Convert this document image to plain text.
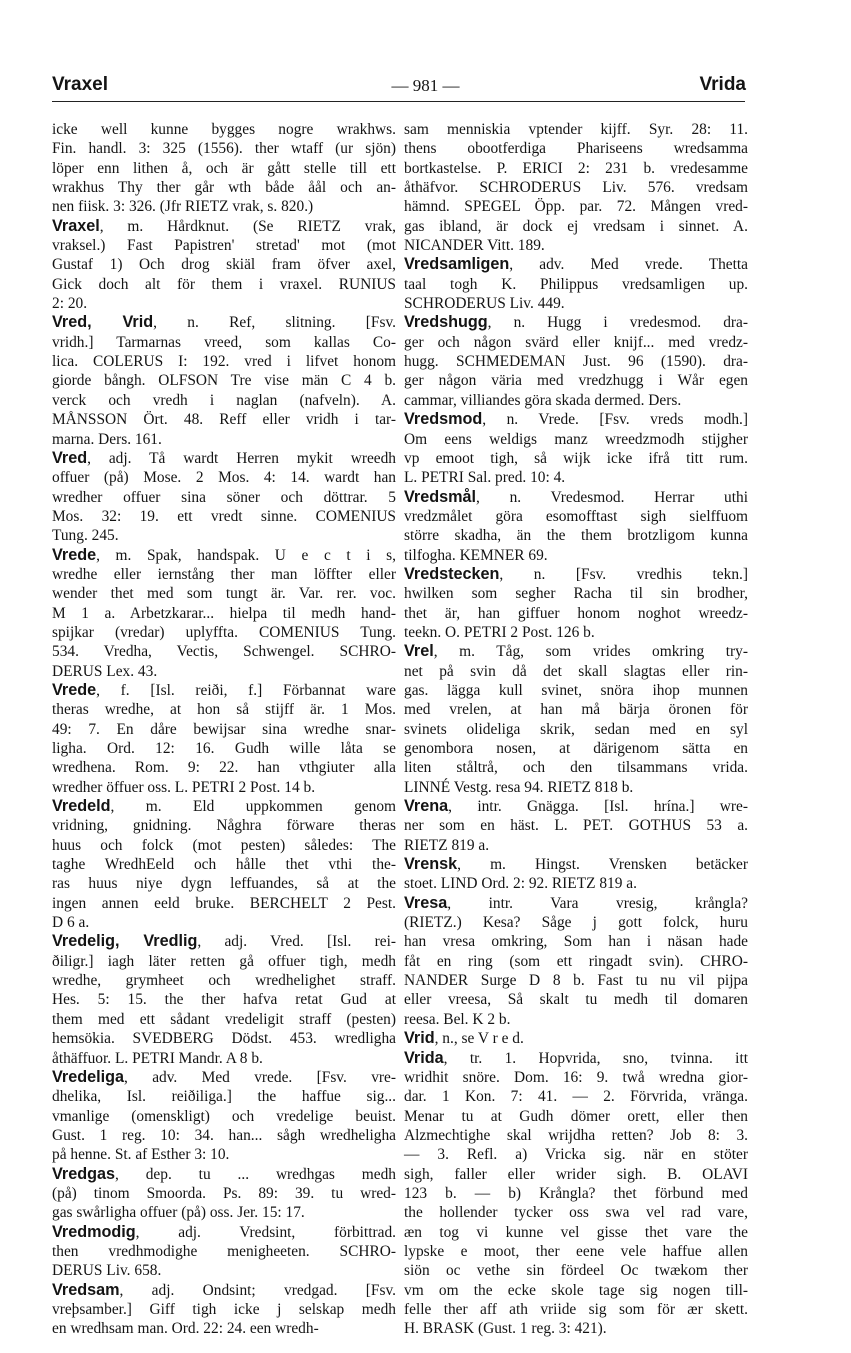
Vraxel	— 981 —	Vrida
icke well kunne bygges nogre wrakhws.
Fin. handl. 3: 325 (1556). ther wtaff (ur sjön)
löper enn lithen å, och är gått stelle till ett
wrakhus Thy ther går wth både åål och an-
nen fiisk. 3: 326. (Jfr RIETZ vrak, s. 820.)
Vraxel, m. Hårdknut. (Se RIETZ vrak,
vraksel.) Fast Papistren' stretad' mot (mot
Gustaf 1) Och drog skiäl fram öfver axel,
Gick doch alt för them i vraxel. RUNIUS
2: 20.
Vred, Vrid, n. Ref, slitning. [Fsv.
vridh.] Tarmarnas vreed, som kallas Co-
lica. COLERUS I: 192. vred i lifvet honom
giorde bångh. OLFSON Tre vise män C 4 b.
verck och vredh i naglan (nafveln). A.
MÅNSSON Ört. 48. Reff eller vridh i tar-
marna. Ders. 161.
Vred, adj. Tå wardt Herren mykit wreedh
offuer (på) Mose. 2 Mos. 4: 14. wardt han
wredher offuer sina söner och döttrar. 5
Mos. 32: 19. ett vredt sinne. COMENIUS
Tung. 245.
Vrede, m. Spak, handspak. U e c t i s,
wredhe eller iernstång ther man löffter eller
wender thet med som tungt är. Var. rer. voc.
M 1 a. Arbetzkarar... hielpa til medh hand-
spijkar (vredar) uplyffta. COMENIUS Tung.
534. Vredha, Vectis, Schwengel. SCHRO-
DERUS Lex. 43.
Vrede, f. [Isl. reiði, f.] Förbannat ware
theras wredhe, at hon så stijff är. 1 Mos.
49: 7. En dåre bewijsar sina wredhe snar-
ligha. Ord. 12: 16. Gudh wille låta se
wredhena. Rom. 9: 22. han vthgiuter alla
wredher öffuer oss. L. PETRI 2 Post. 14 b.
Vredeld, m. Eld uppkommen genom
vridning, gnidning. Någhra förware theras
huus och folck (mot pesten) således: The
taghe WredhEeld och hålle thet vthi the-
ras huus niye dygn leffuandes, så at the
ingen annen eeld bruke. BERCHELT 2 Pest.
D 6 a.
Vredelig, Vredlig, adj. Vred. [Isl. rei-
ðiligr.] iagh läter retten gå offuer tigh, medh
wredhe, grymheet och wredhelighet straff.
Hes. 5: 15. the ther hafva retat Gud at
them med ett sådant vredeligit straff (pesten)
hemsökia. SVEDBERG Dödst. 453. wredligha
åthäffuor. L. PETRI Mandr. A 8 b.
Vredeliga, adv. Med vrede. [Fsv. vre-
dhelika, Isl. reiðiliga.] the haffue sig...
vmanlige (omenskligt) och vredelige beuist.
Gust. 1 reg. 10: 34. han... sågh wredheligha
på henne. St. af Esther 3: 10.
Vredgas, dep. tu ... wredhgas medh
(på) tinom Smoorda. Ps. 89: 39. tu wred-
gas swårligha offuer (på) oss. Jer. 15: 17.
Vredmodig, adj. Vredsint, förbittrad.
then vredhmodighe menigheeten. SCHRO-
DERUS Liv. 658.
Vredsam, adj. Ondsint; vredgad. [Fsv.
vreþsamber.] Giff tigh icke j selskap medh
en wredhsam man. Ord. 22: 24. een wredh-
sam menniskia vptender kijff. Syr. 28: 11.
thens obootferdiga Phariseens wredsamma
bortkastelse. P. ERICI 2: 231 b. vredesamme
åthäfvor. SCHRODERUS Liv. 576. vredsam
hämnd. SPEGEL Öpp. par. 72. Mången vred-
gas ibland, är dock ej vredsam i sinnet. A.
NICANDER Vitt. 189.
Vredsamligen, adv. Med vrede. Thetta
taal togh K. Philippus vredsamligen up.
SCHRODERUS Liv. 449.
Vredshugg, n. Hugg i vredesmod. dra-
ger och någon svärd eller knijf... med vredz-
hugg. SCHMEDEMAN Just. 96 (1590). dra-
ger någon väria med vredzhugg i Wår egen
cammar, villiandes göra skada dermed. Ders.
Vredsmod, n. Vrede. [Fsv. vreds modh.]
Om eens weldigs manz wreedzmodh stijgher
vp emoot tigh, så wijk icke ifrå titt rum.
L. PETRI Sal. pred. 10: 4.
Vredsmål, n. Vredesmod. Herrar uthi
vredzmålet göra esomofftast sigh sielffuom
större skadha, än the them brotzligom kunna
tilfogha. KEMNER 69.
Vredstecken, n. [Fsv. vredhis tekn.]
hwilken som segher Racha til sin brodher,
thet är, han giffuer honom noghot wreedz-
teekn. O. PETRI 2 Post. 126 b.
Vrel, m. Tåg, som vrides omkring try-
net på svin då det skall slagtas eller rin-
gas. lägga kull svinet, snöra ihop munnen
med vrelen, at han må bärja öronen för
svinets olideliga skrik, sedan med en syl
genombora nosen, at därigenom sätta en
liten ståltrå, och den tilsammans vrida.
LINNÉ Vestg. resa 94. RIETZ 818 b.
Vrena, intr. Gnägga. [Isl. hrína.] wre-
ner som en häst. L. PET. GOTHUS 53 a.
RIETZ 819 a.
Vrensk, m. Hingst. Vrensken betäcker
stoet. LIND Ord. 2: 92. RIETZ 819 a.
Vresa, intr. Vara vresig, krångla?
(RIETZ.) Kesa? Såge j gott folck, huru
han vresa omkring, Som han i näsan hade
fåt en ring (som ett ringadt svin). CHRO-
NANDER Surge D 8 b. Fast tu nu vil pijpa
eller vreesa, Så skalt tu medh til domaren
reesa. Bel. K 2 b.
Vrid, n., se V r e d.
Vrida, tr. 1. Hopvrida, sno, tvinna. itt
wridhit snöre. Dom. 16: 9. twå wredna gior-
dar. 1 Kon. 7: 41. — 2. Förvrida, vränga.
Menar tu at Gudh dömer orett, eller then
Alzmechtighe skal wrijdha retten? Job 8: 3.
— 3. Refl. a) Vricka sig. när en stöter
sigh, faller eller wrider sigh. B. OLAVI
123 b. — b) Krångla? thet förbund med
the hollender tycker oss swa vel rad vare,
æn tog vi kunne vel gisse thet vare the
lypske e moot, ther eene vele haffue allen
siön oc vethe sin fördeel Oc twækom ther
vm om the ecke skole tage sig nogen till-
felle ther aff ath vriide sig som för ær skett.
H. BRASK (Gust. 1 reg. 3: 421).
